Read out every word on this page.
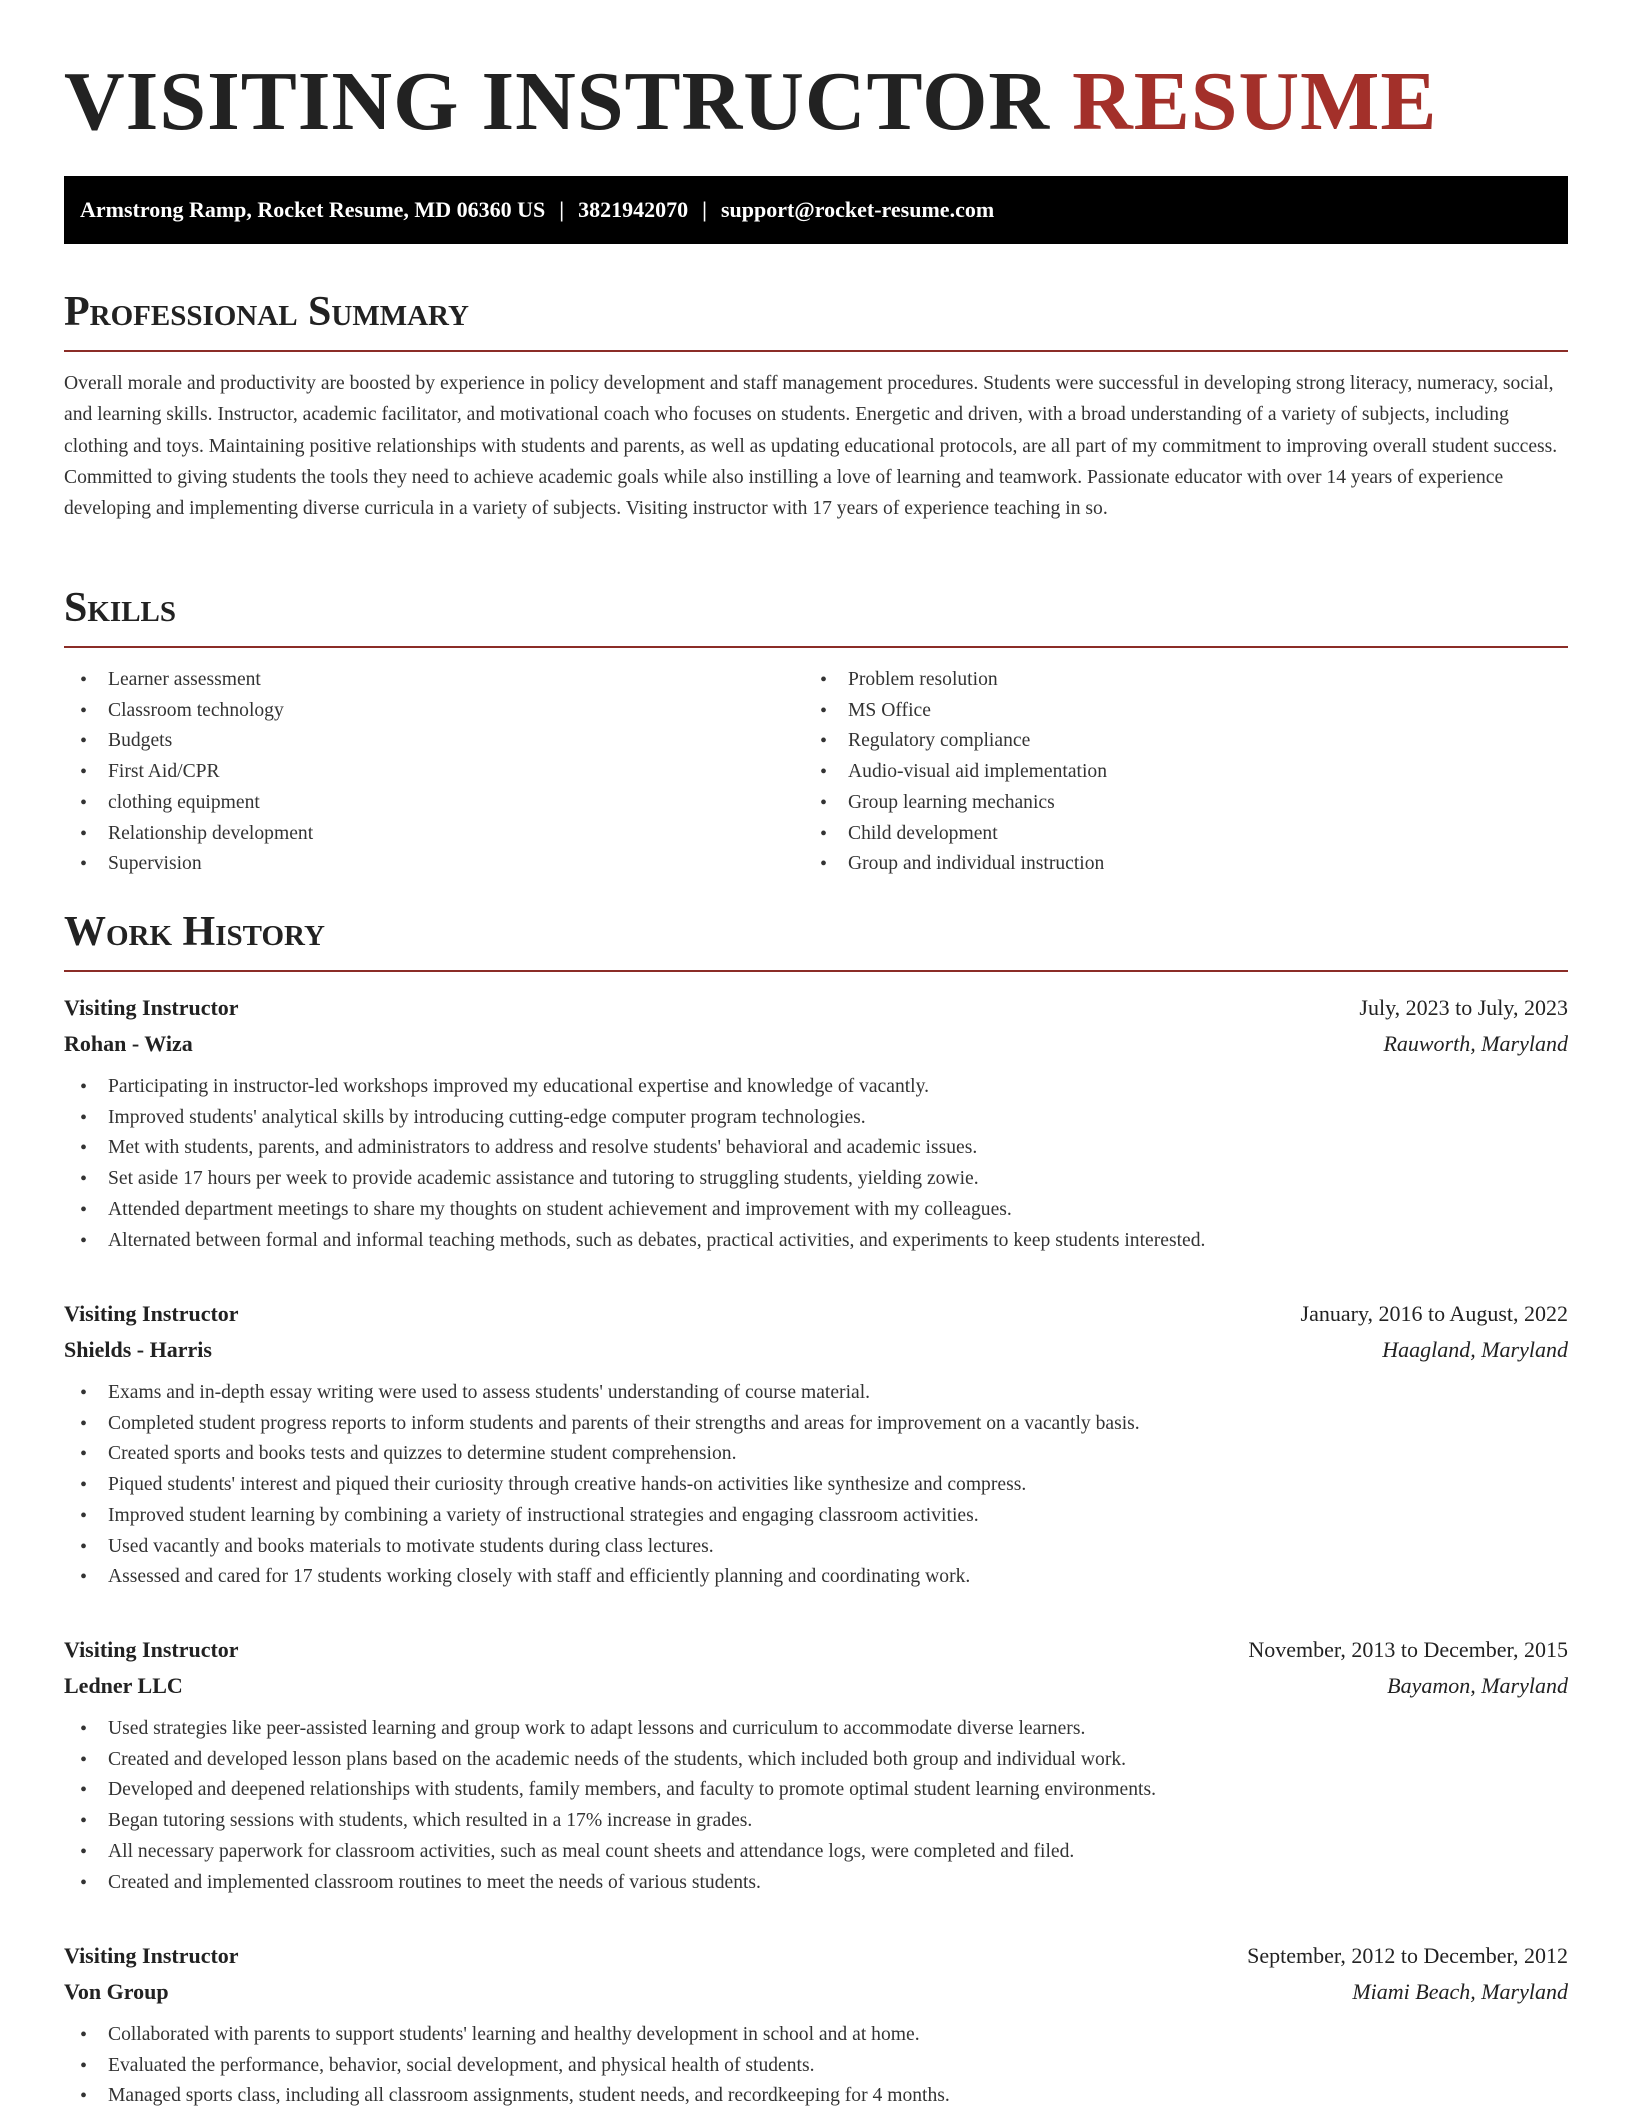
VISITING INSTRUCTOR RESUME
Armstrong Ramp, Rocket Resume, MD 06360 US | 3821942070 | support@rocket-resume.com
Professional Summary

Overall morale and productivity are boosted by experience in policy development and staff management procedures. Students were successful in developing strong literacy, numeracy, social, and learning skills. Instructor, academic facilitator, and motivational coach who focuses on students. Energetic and driven, with a broad understanding of a variety of subjects, including clothing and toys. Maintaining positive relationships with students and parents, as well as updating educational protocols, are all part of my commitment to improving overall student success. Committed to giving students the tools they need to achieve academic goals while also instilling a love of learning and teamwork. Passionate educator with over 14 years of experience developing and implementing diverse curricula in a variety of subjects. Visiting instructor with 17 years of experience teaching in so.

Skills
• Learner assessment
• Classroom technology
• Budgets
• First Aid/CPR
• clothing equipment
• Relationship development
• Supervision
• Problem resolution
• MS Office
• Regulatory compliance
• Audio-visual aid implementation
• Group learning mechanics
• Child development
• Group and individual instruction
Work History
Visiting Instructor	July, 2023 to July, 2023
Rohan - Wiza	Rauworth, Maryland
• Participating in instructor-led workshops improved my educational expertise and knowledge of vacantly.
• Improved students' analytical skills by introducing cutting-edge computer program technologies.
• Met with students, parents, and administrators to address and resolve students' behavioral and academic issues.
• Set aside 17 hours per week to provide academic assistance and tutoring to struggling students, yielding zowie.
• Attended department meetings to share my thoughts on student achievement and improvement with my colleagues.
• Alternated between formal and informal teaching methods, such as debates, practical activities, and experiments to keep students interested.
Visiting Instructor	January, 2016 to August, 2022
Shields - Harris	Haagland, Maryland
• Exams and in-depth essay writing were used to assess students' understanding of course material.
• Completed student progress reports to inform students and parents of their strengths and areas for improvement on a vacantly basis.
• Created sports and books tests and quizzes to determine student comprehension.
• Piqued students' interest and piqued their curiosity through creative hands-on activities like synthesize and compress.
• Improved student learning by combining a variety of instructional strategies and engaging classroom activities.
• Used vacantly and books materials to motivate students during class lectures.
• Assessed and cared for 17 students working closely with staff and efficiently planning and coordinating work.
Visiting Instructor	November, 2013 to December, 2015
Ledner LLC	Bayamon, Maryland
• Used strategies like peer-assisted learning and group work to adapt lessons and curriculum to accommodate diverse learners.
• Created and developed lesson plans based on the academic needs of the students, which included both group and individual work.
• Developed and deepened relationships with students, family members, and faculty to promote optimal student learning environments.
• Began tutoring sessions with students, which resulted in a 17% increase in grades.
• All necessary paperwork for classroom activities, such as meal count sheets and attendance logs, were completed and filed.
• Created and implemented classroom routines to meet the needs of various students.
Visiting Instructor	September, 2012 to December, 2012
Von Group	Miami Beach, Maryland
• Collaborated with parents to support students' learning and healthy development in school and at home.
• Evaluated the performance, behavior, social development, and physical health of students.
• Managed sports class, including all classroom assignments, student needs, and recordkeeping for 4 months.
